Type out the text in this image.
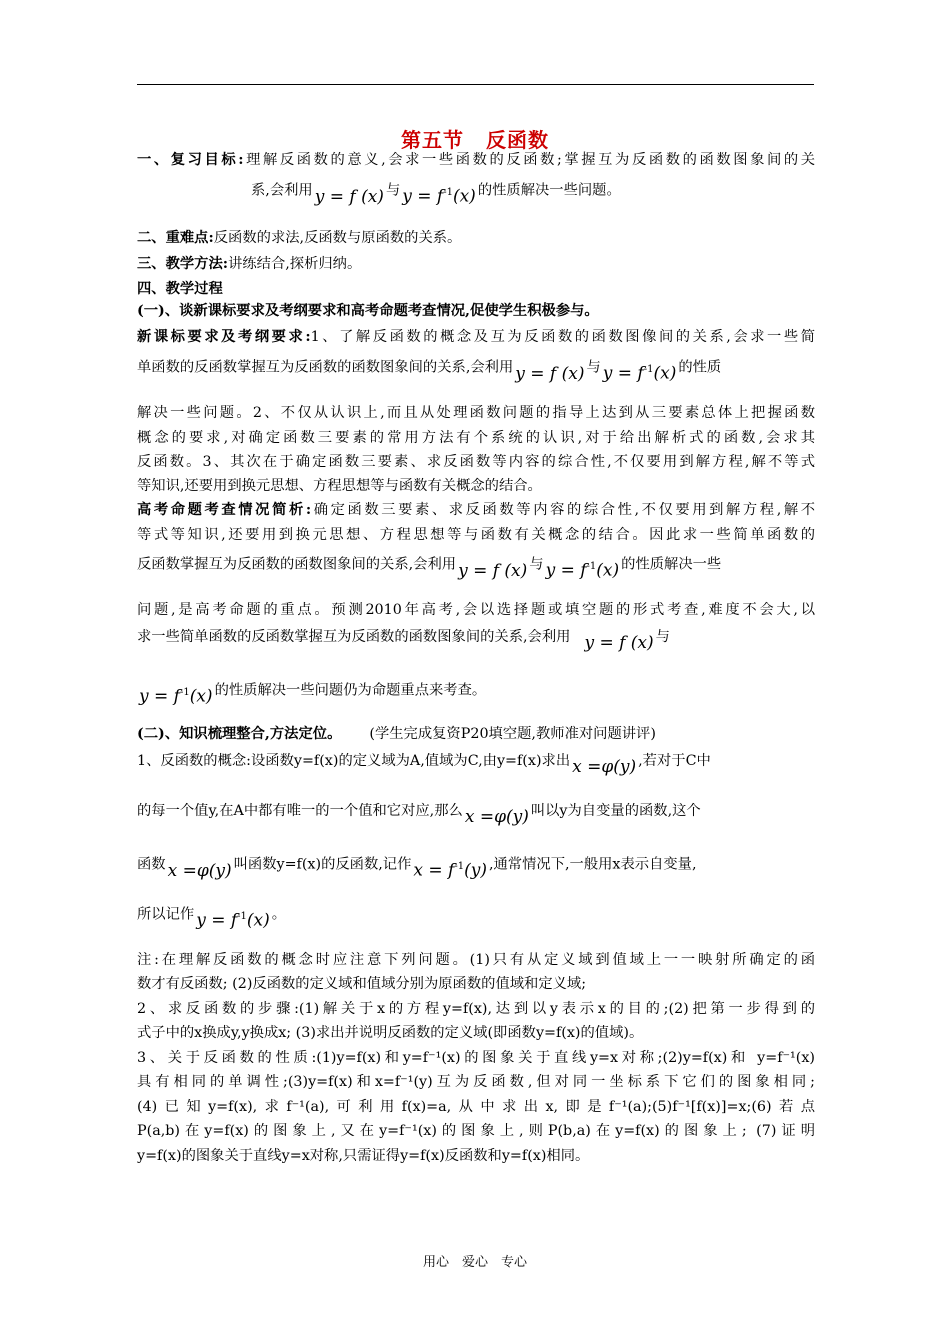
第五节 反函数
一、复习目标:理解反函数的意义,会求一些函数的反函数;掌握互为反函数的函数图象间的关
系,会利用 y = f (x) 与 $y = f^{-1}(x)$ 的性质解决一些问题。
二、重难点:反函数的求法,反函数与原函数的关系。
三、教学方法:讲练结合,探析归纳。
四、教学过程
(一)、谈新课标要求及考纲要求和高考命题考查情况,促使学生积极参与。
新课标要求及考纲要求:1、了解反函数的概念及互为反函数的函数图像间的关系,会求一些简
单函数的反函数掌握互为反函数的函数图象间的关系,会利用 y = f (x) 与 $y = f^{-1}(x)$ 的性质
解决一些问题。2、不仅从认识上,而且从处理函数问题的指导上达到从三要素总体上把握函数
概念的要求,对确定函数三要素的常用方法有个系统的认识,对于给出解析式的函数,会求其
反函数。3、其次在于确定函数三要素、求反函数等内容的综合性,不仅要用到解方程,解不等式
等知识,还要用到换元思想、方程思想等与函数有关概念的结合。
高考命题考查情况简析:确定函数三要素、求反函数等内容的综合性,不仅要用到解方程,解不
等式等知识,还要用到换元思想、方程思想等与函数有关概念的结合。因此求一些简单函数的
反函数掌握互为反函数的函数图象间的关系,会利用 y = f (x) 与 $y = f^{-1}(x)$ 的性质解决一些
问题,是高考命题的重点。预测2010年高考,会以选择题或填空题的形式考查,难度不会大,以
求一些简单函数的反函数掌握互为反函数的函数图象间的关系,会利用 y = f (x) 与
$y = f^{-1}(x)$ 的性质解决一些问题仍为命题重点来考查。
(二)、知识梳理整合,方法定位。 (学生完成复资P20填空题,教师准对问题讲评)
1、反函数的概念:设函数y=f(x)的定义域为A,值域为C,由y=f(x)求出 x =φ(y) ,若对于C中
的每一个值y,在A中都有唯一的一个值和它对应,那么 x =φ(y) 叫以y为自变量的函数,这个
函数 x =φ(y) 叫函数y=f(x)的反函数,记作 $x = f^{-1}(y)$ ,通常情况下,一般用x表示自变量,
所以记作 $y = f^{-1}(x)$ 。
注:在理解反函数的概念时应注意下列问题。(1)只有从定义域到值域上一一映射所确定的函
数才有反函数; (2)反函数的定义域和值域分别为原函数的值域和定义域;
2、求反函数的步骤:(1)解关于x的方程y=f(x),达到以y表示x的目的;(2)把第一步得到的
式子中的x换成y,y换成x; (3)求出并说明反函数的定义域(即函数y=f(x)的值域)。
3、关于反函数的性质:(1)y=f(x)和y=f⁻¹(x)的图象关于直线y=x对称;(2)y=f(x)和 y=f⁻¹(x)
具有相同的单调性;(3)y=f(x)和x=f⁻¹(y)互为反函数,但对同一坐标系下它们的图象相同;
(4)已知y=f(x),求f⁻¹(a),可利用f(x)=a,从中求出x,即是f⁻¹(a);(5)f⁻¹[f(x)]=x;(6)若点
P(a,b)在y=f(x)的图象上,又在y=f⁻¹(x)的图象上,则P(b,a)在y=f(x)的图象上; (7)证明
y=f(x)的图象关于直线y=x对称,只需证得y=f(x)反函数和y=f(x)相同。
用心　爱心　专心
